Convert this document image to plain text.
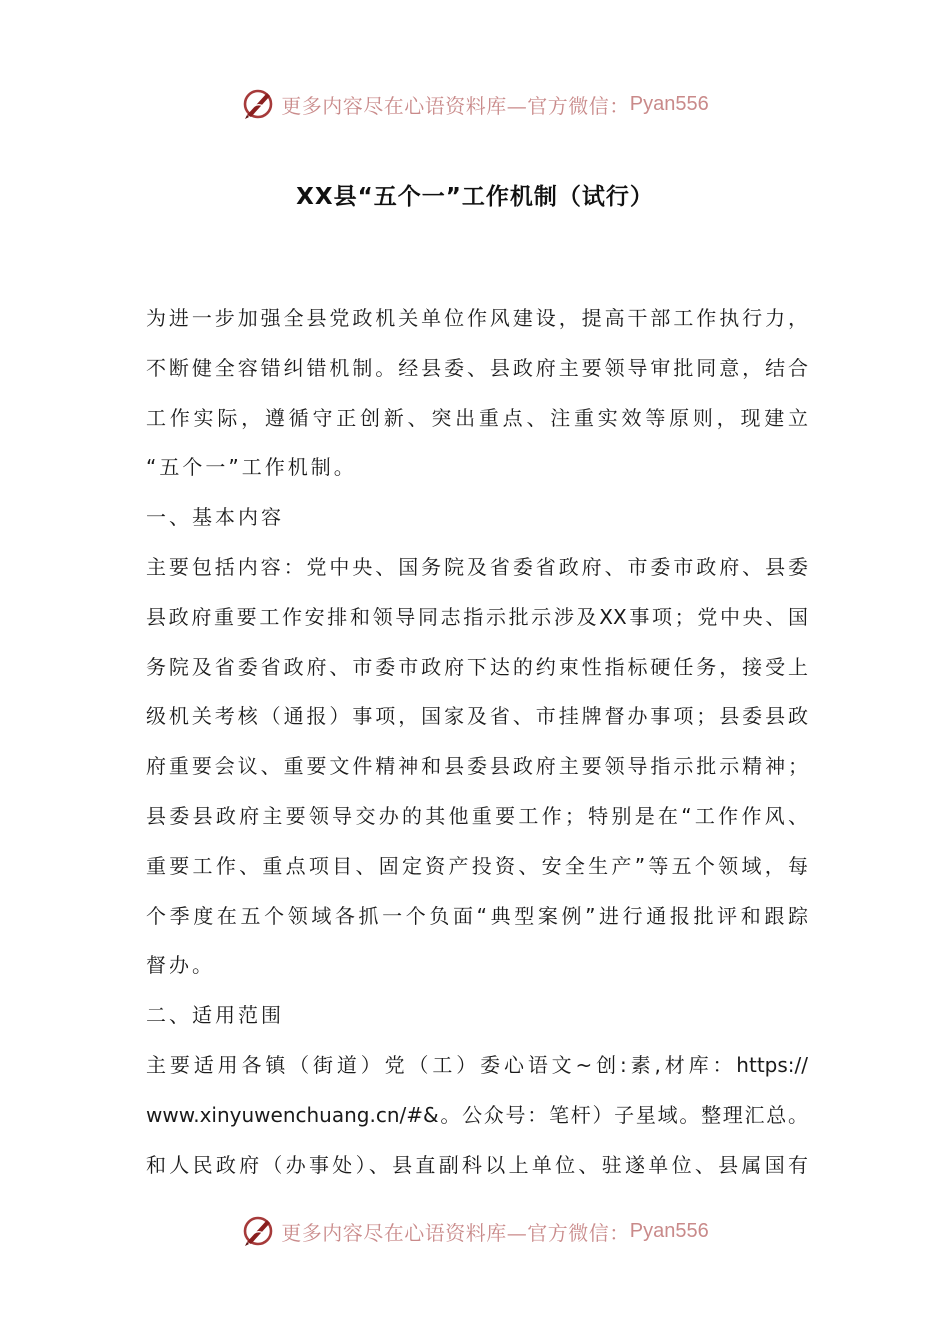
更多内容尽在心语资料库—官方微信： Pyan556
XX县“五个一”工作机制（试行）
为进一步加强全县党政机关单位作风建设，提高干部工作执行力，
不断健全容错纠错机制。经县委、县政府主要领导审批同意，结合
工作实际，遵循守正创新、突出重点、注重实效等原则，现建立
“五个一”工作机制。
一、基本内容
主要包括内容：党中央、国务院及省委省政府、市委市政府、县委
县政府重要工作安排和领导同志指示批示涉及XX事项；党中央、国
务院及省委省政府、市委市政府下达的约束性指标硬任务，接受上
级机关考核（通报）事项，国家及省、市挂牌督办事项；县委县政
府重要会议、重要文件精神和县委县政府主要领导指示批示精神；
县委县政府主要领导交办的其他重要工作；特别是在“工作作风、
重要工作、重点项目、固定资产投资、安全生产”等五个领域，每
个季度在五个领域各抓一个负面“典型案例”进行通报批评和跟踪
督办。
二、适用范围
主要适用各镇（街道）党（工）委心语文~创:素,材库：https://
www.xinyuwenchuang.cn/#&。公众号：笔杆）子星域。整理汇总。
和人民政府（办事处）、县直副科以上单位、驻遂单位、县属国有
更多内容尽在心语资料库—官方微信： Pyan556
